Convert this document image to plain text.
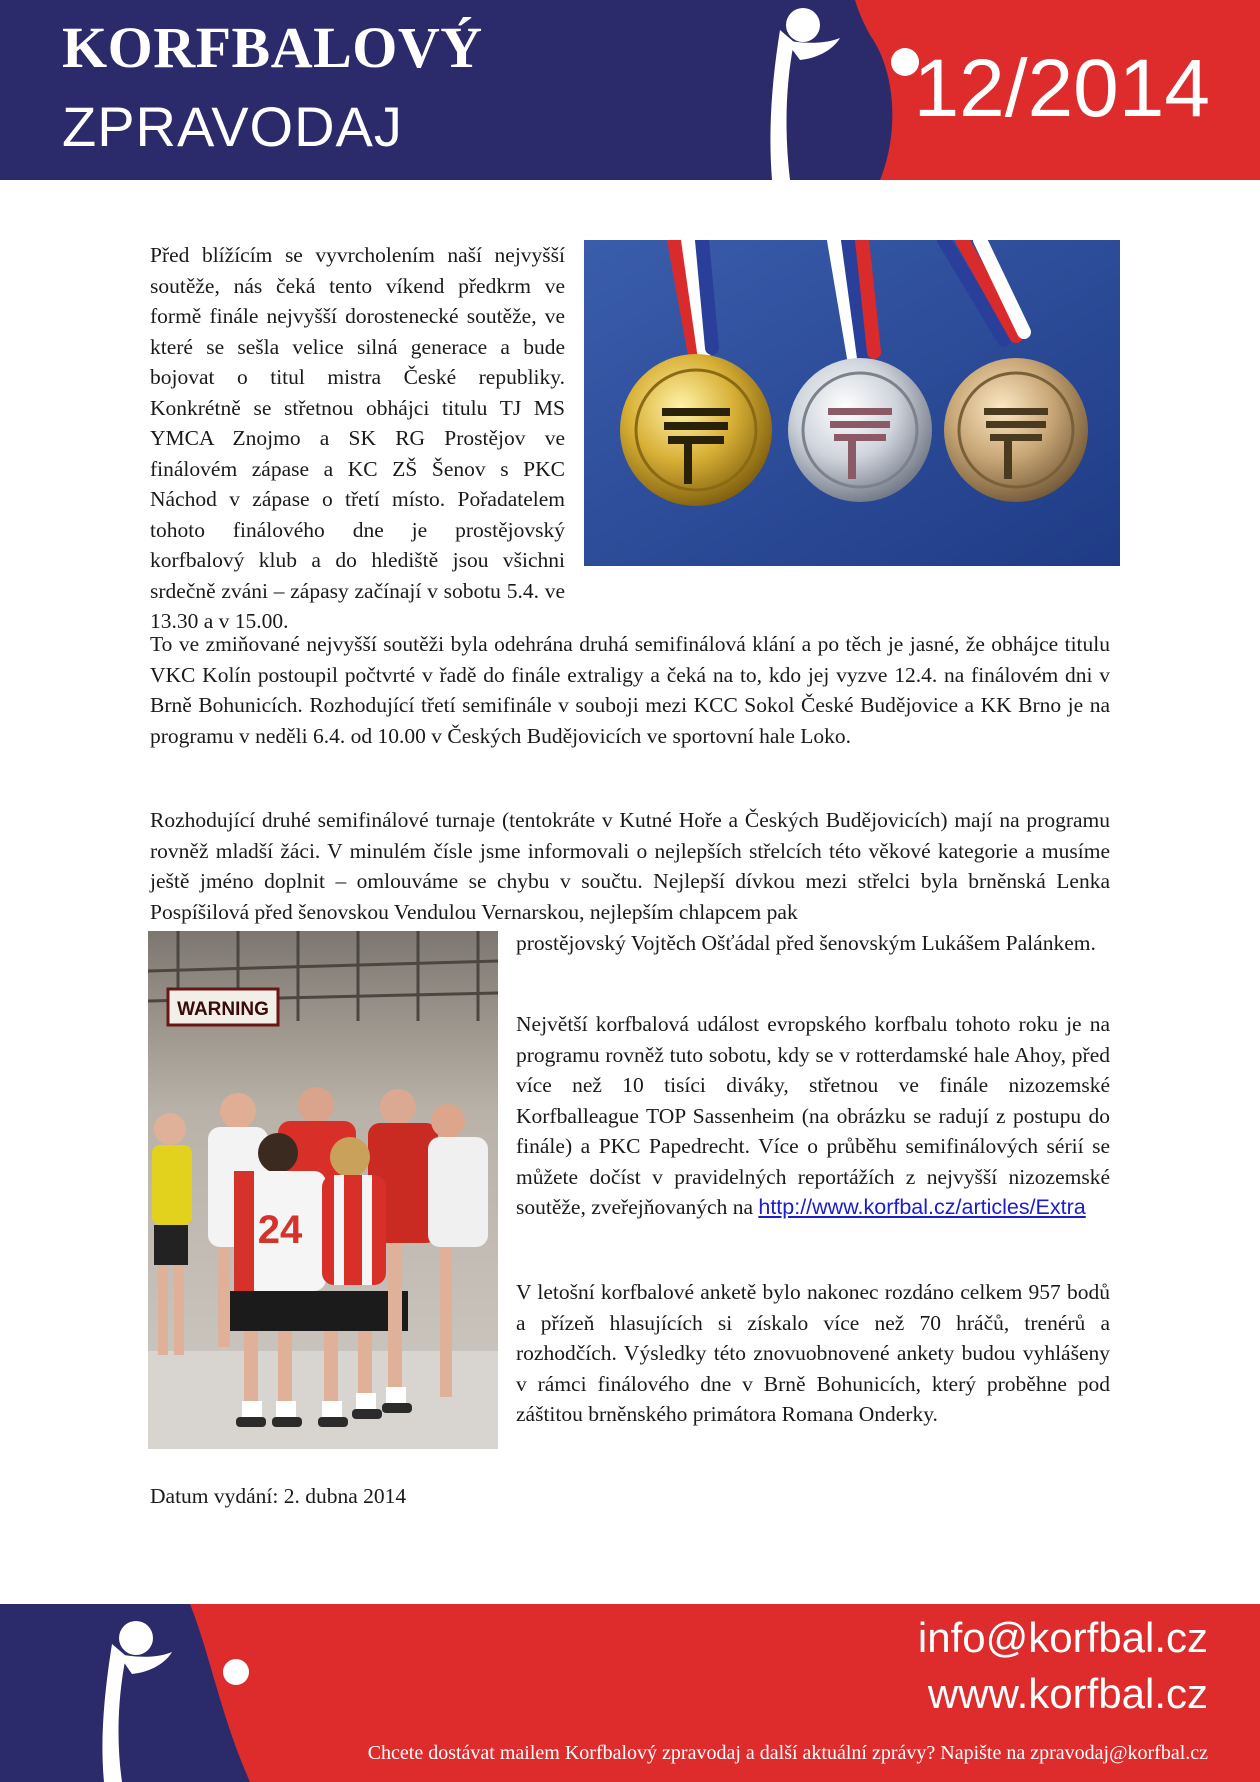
KORFBALOVÝ
ZPRAVODAJ	12/2014
Před blížícím se vyvrcholením naší nejvyšší soutěže, nás čeká tento víkend předkrm ve formě finále nejvyšší dorostenecké soutěže, ve které se sešla velice silná generace a bude bojovat o titul mistra České republiky. Konkrétně se střetnou obhájci titulu TJ MS YMCA Znojmo a SK RG Prostějov ve finálovém zápase a KC ZŠ Šenov s PKC Náchod v zápase o třetí místo. Pořadatelem tohoto finálového dne je prostějovský korfbalový klub a do hlediště jsou všichni srdečně zváni – zápasy začínají v sobotu 5.4. ve 13.30 a v 15.00.
To ve zmiňované nejvyšší soutěži byla odehrána druhá semifinálová klání a po těch je jasné, že obhájce titulu VKC Kolín postoupil počtvrté v řadě do finále extraligy a čeká na to, kdo jej vyzve 12.4. na finálovém dni v Brně Bohunicích. Rozhodující třetí semifinále v souboji mezi KCC Sokol České Budějovice a KK Brno je na programu v neděli 6.4. od 10.00 v Českých Budějovicích ve sportovní hale Loko.
Rozhodující druhé semifinálové turnaje (tentokráte v Kutné Hoře a Českých Budějovicích) mají na programu rovněž mladší žáci. V minulém čísle jsme informovali o nejlepších střelcích této věkové kategorie a musíme ještě jméno doplnit – omlouváme se chybu v součtu. Nejlepší dívkou mezi střelci byla brněnská Lenka Pospíšilová před šenovskou Vendulou Vernarskou, nejlepším chlapcem pak
WARNING
24
prostějovský Vojtěch Ošťádal před šenovským Lukášem Palánkem.
Největší korfbalová událost evropského korfbalu tohoto roku je na programu rovněž tuto sobotu, kdy se v rotterdamské hale Ahoy, před více než 10 tisíci diváky, střetnou ve finále nizozemské Korfballeague TOP Sassenheim (na obrázku se radují z postupu do finále) a PKC Papedrecht. Více o průběhu semifinálových sérií se můžete dočíst v pravidelných reportážích z nejvyšší nizozemské soutěže, zveřejňovaných na http://www.korfbal.cz/articles/Extra
V letošní korfbalové anketě bylo nakonec rozdáno celkem 957 bodů a přízeň hlasujících si získalo více než 70 hráčů, trenérů a rozhodčích. Výsledky této znovuobnovené ankety budou vyhlášeny v rámci finálového dne v Brně Bohunicích, který proběhne pod záštitou brněnského primátora Romana Onderky.
Datum vydání: 2. dubna 2014
info@korfbal.cz
www.korfbal.cz
Chcete dostávat mailem Korfbalový zpravodaj a další aktuální zprávy? Napište na zpravodaj@korfbal.cz
